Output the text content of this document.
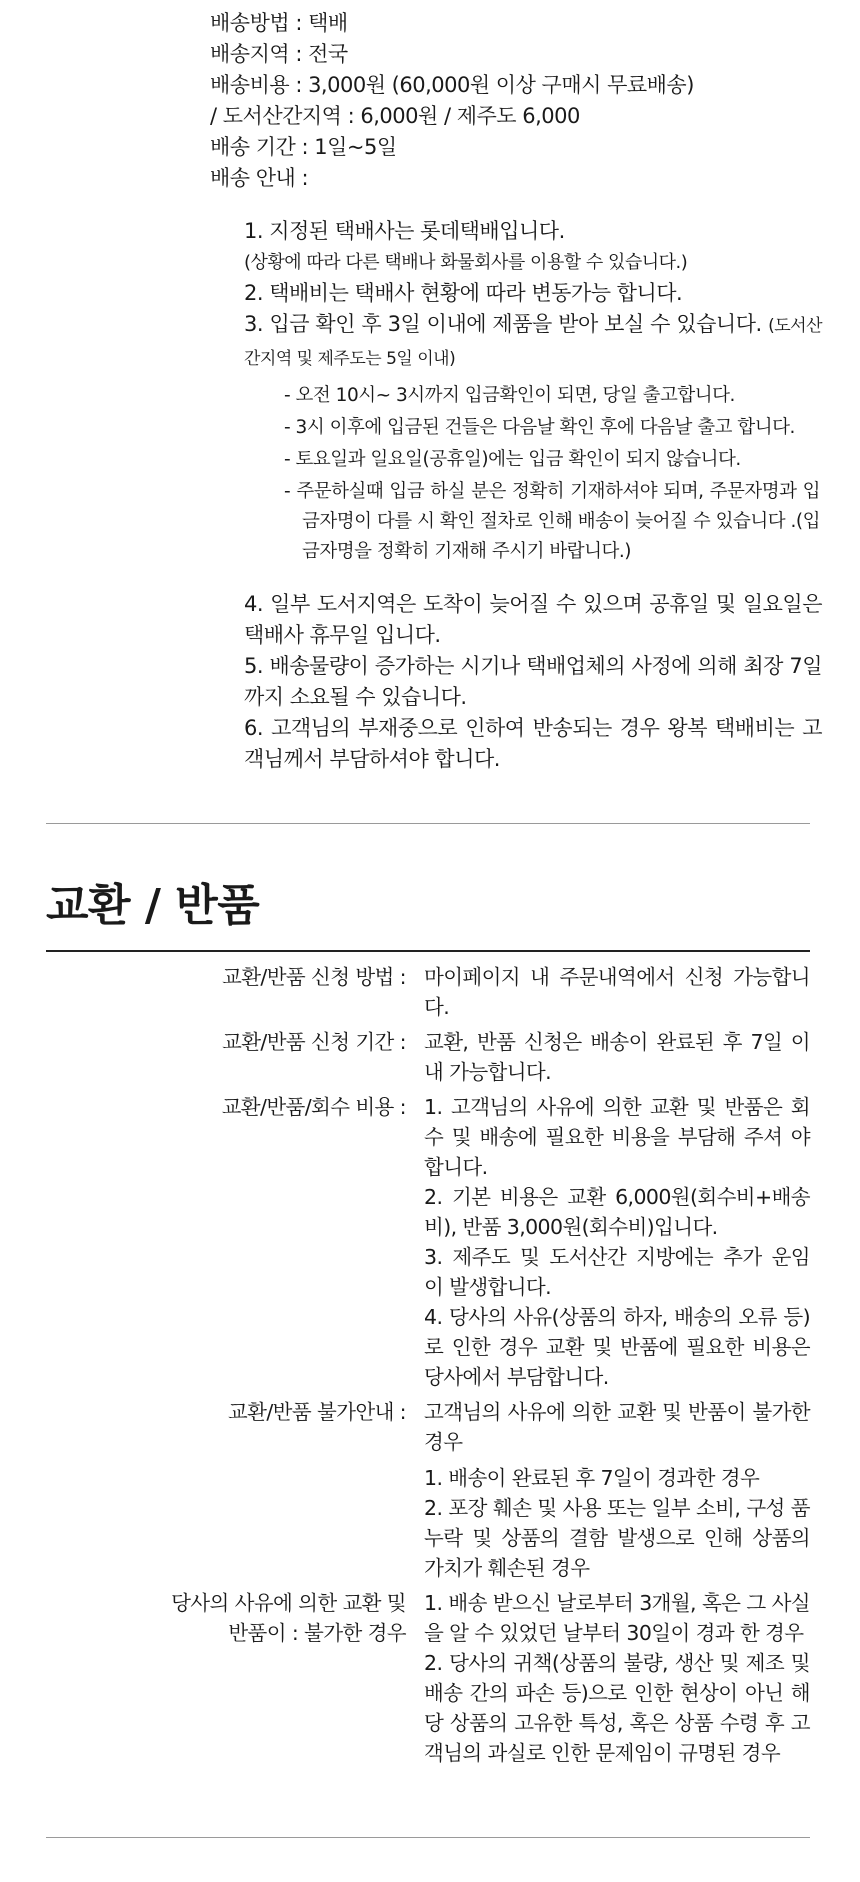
배송방법 : 택배
배송지역 : 전국
배송비용 : 3,000원 (60,000원 이상 구매시 무료배송)
/ 도서산간지역 : 6,000원 / 제주도 6,000
배송 기간 : 1일~5일
배송 안내 :
1. 지정된 택배사는 롯데택배입니다.
(상황에 따라 다른 택배나 화물회사를 이용할 수 있습니다.)
2. 택배비는 택배사 현황에 따라 변동가능 합니다.
3. 입금 확인 후 3일 이내에 제품을 받아 보실 수 있습니다. (도서산간지역 및 제주도는 5일 이내)
- 오전 10시~ 3시까지 입금확인이 되면, 당일 출고합니다.
- 3시 이후에 입금된 건들은 다음날 확인 후에 다음날 출고 합니다.
- 토요일과 일요일(공휴일)에는 입금 확인이 되지 않습니다.
- 주문하실때 입금 하실 분은 정확히 기재하셔야 되며, 주문자명과 입금자명이 다를 시 확인 절차로 인해 배송이 늦어질 수 있습니다 .(입금자명을 정확히 기재해 주시기 바랍니다.)
4. 일부 도서지역은 도착이 늦어질 수 있으며 공휴일 및 일요일은 택배사 휴무일 입니다.
5. 배송물량이 증가하는 시기나 택배업체의 사정에 의해 최장 7일까지 소요될 수 있습니다.
6. 고객님의 부재중으로 인하여 반송되는 경우 왕복 택배비는 고객님께서 부담하셔야 합니다.
교환 / 반품
교환/반품 신청 방법 : 마이페이지 내 주문내역에서 신청 가능합니다.

교환/반품 신청 기간 : 교환, 반품 신청은 배송이 완료된 후 7일 이내 가능합니다.

교환/반품/회수 비용 : 1. 고객님의 사유에 의한 교환 및 반품은 회수 및 배송에 필요한 비용을 부담해 주셔 야 합니다.

2. 기본 비용은 교환 6,000원(회수비+배송비), 반품 3,000원(회수비)입니다.

3. 제주도 및 도서산간 지방에는 추가 운임 이 발생합니다.

4. 당사의 사유(상품의 하자, 배송의 오류 등)로 인한 경우 교환 및 반품에 필요한 비용은 당사에서 부담합니다.

교환/반품 불가안내 : 고객님의 사유에 의한 교환 및 반품이 불가한 경우

1. 배송이 완료된 후 7일이 경과한 경우

2. 포장 훼손 및 사용 또는 일부 소비, 구성 품 누락 및 상품의 결함 발생으로 인해 상품의 가치가 훼손된 경우

당사의 사유에 의한 교환 및
반품이 : 불가한 경우

1. 배송 받으신 날로부터 3개월, 혹은 그 사실을 알 수 있었던 날부터 30일이 경과 한 경우

2. 당사의 귀책(상품의 불량, 생산 및 제조 및 배송 간의 파손 등)으로 인한 현상이 아닌 해당 상품의 고유한 특성, 혹은 상품 수령 후 고객님의 과실로 인한 문제임이 규명된 경우
